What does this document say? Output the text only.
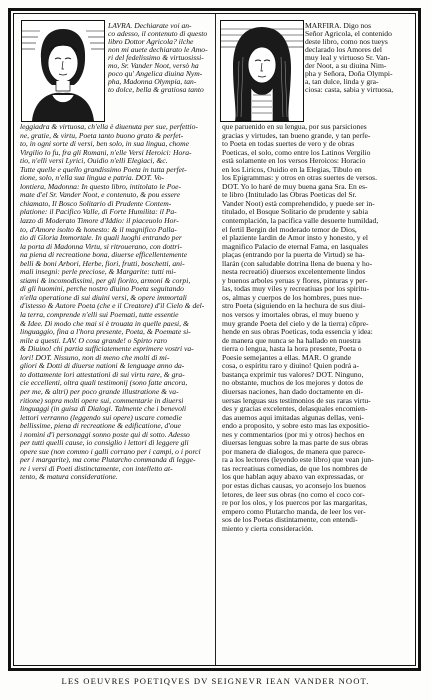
LAVRA. Dechiarate voi an-

co adesso, il contenuto di questo

libro Dottor Agricola? ilche

non mi auete dechiarato le Amo-

ri del fedelissimo & virtuosissi-

mo, Sr. Vander Noot, versò ha

poco qu' Angelica diuina Nym-

pha, Madonna Olympia, tan-

to dolce, bella & gratiosa tanto

MARFIRA. Digo nos

Señor Agricola, el contenido

deste libro, como nos tueys

declarado los Amores del

muy leal y virtuoso Sr. Van-

der Noot, a su diuina Nim-

pha y Señora, Doña Olympi-

a, tan dulce, linda y gra-

ciosa: casta, sabia y virtuosa,

leggiadra & virtuosa, ch'ella è diuenuta per sue, perfettio-

ne, gratie, & virtu, Poeta tanto buono grato & perfet-

to, in ogni sorte di versi, ben solo, in sua lingua, chome

Virgilio lo fu, fra gli Romani, n'elle Versi Heroici: Hora-

tio, n'elli versi Lyrici, Ouidio n'elli Elegiaci, &c.

Tutte quelle e quello grandissimo Poeta in tutta perfet-

tione, solo, n'ella sua lingua e patria. DOT. Vo-

lontiera, Madonna: In questo libro, intitolato le Poe-

mate d'el Sr. Vander Noot, e contenuto, & pou essere

chiamato, Il Bosco Solitario di Prudente Contem-

platione: il Pacifico Valle, di Forte Humilita: il Pa-

lazzo di Moderato Timore d'Iddio: il piaceuolo Hor-

to, d'Amore isolto & honesto: & il magnifico Palla-

tio di Gloria Immortale. In quali luoghi entrando per

la porta di Madonna Virtu, si ritrouerano, con dottri-

na piena di recreatione bona, diuerse efficellentemente

belli & boni Arbori, Herbe, fiori, frutti, boschetti, ani-

mali insegni: perle preciose, & Margarite: tutti mi-

stiami & incomodissimi, per gli fiorito, armoni & corpi,

di gli huomini, perche nostro diuino Poeta seguitando

n'ella operatione di sui diuini versi, & opere immortali

d'istesso & Autore Poeta (che e il Creatore) d'il Cielo & del-

la terra, comprende n'elli sui Poemati, tutte essentie

& Idee. Di modo che mai si è trouata in quelle paesi, &

linguaggio, fina a l'hora presente, Poeta, & Poemate si-

mile a questi. LAV. O cosa grande! o Spirto raro

& Diuino! chi partia sufficiatemente esprimere vostri va-

lori! DOT. Nissuno, non di meno che molti di mi-

gliori & Dotti di diuerse nationi & lenguage anno da-

to dottamente lori attestationi di sui virtu rare, & gra-

cie eccellenti, oltra quali testimonij (sono fatte ancora,

per me, & altri) per poco grande illustratione & va-

ritione) sopra molti opere sui, commentarie in diuersi

linguaggi (in guisa di Dialogi. Talmente che i benevoli

lettori verranno (leggendo sui opere) uscare comedie

bellissime, piena di recreatione & edificatione, d'oue

i nomini d'i personaggi sonno poste qui di sotto. Adesso

per tutti quelli cause, io consiglio i lettori di leggere gli

opere sue (non commo i galli corrano per i campi, o i porci

per i margarite), ma come Plutarcho commanda di legge-

re i versi di Poeti distinctamente, con intelletto at-

tento, & matura consideratione.

que paruenido en su lengua, por sus parsiciones

gracias y virtudes, tan bueno grande, y tan perfe-

to Poeta en todas suertes de vero y de obras

Poeticas, el solo, como entre los Latinos Vergilio

està solamente en los versos Heroicos: Horacio

en los Liricos, Ouidio en la Elegias, Tibulo en

los Epigrammas: y otros en otras suertes de versos.

DOT. Yo lo haré de muy buena gana Sra. En es-

te libro (Intitulado las Obras Poeticas del Sr.

Vander Noot) està comprehendido, y puede ser in-

titulado, el Bosque Solitario de prudente y sabia

contemplación, la pacifica valle desuerte humildad,

el fertil Bergin del moderado temor de Dios,

el plaziente Iardin de Amor insto y honesto, y el

magnifico Palacio de eternal Fama, en lasquales

plaças (entrando por la puerta de Virtud) se ha-

llarán (con saludable dotrina llena de buena y ho-

nesta recreatió) diuersos excelentemente lindos

y buenos arboles yeruas y flores, pinturas y per-

las, todas muy viles y recreatiuas por los spiritu-

os, almas y cuerpos de los hombres, pues nue-

stro Poeta (siguiendo en la hechura de sus diui-

nos versos y imortales obras, el muy bueno y

muy grande Poeta del cielo y de la tierra) cōpre-

hende en sus obras Poeticas, toda essencia y idea:

de manera que nunca se ha hallado en nuestra

tierra o lengua, hasta la hora presente, Poeta o

Poesie semejantes a ellas. MAR. O grande

cosa, o espíritu raro y diuino! Quien podrá a-

bastança exprimir tus valores? DOT. Ninguno,

no obstante, muchos de los mejores y dotos de

diuersas naciones, han dado doctamente en di-

uersas lenguas sus testimonios de sus raras virtu-

des y gracias excelentes, delasquales encomien-

das auemos aqui imitadas algunas dellas, veni-

endo a proposito, y sobre esto mas las expositio-

nes y commentarios (por mi y otros) hechos en

diuersas lenguas sobre la mas parte de sus obras

por manera de dialogos, de manera que parece-

ra a los lectores (leyendo este libro) que vean jun-

tas recreatiuas comedias, de que los nombres de

los que hablan aquy abaxo van expressadas, or

por estas dichas causas, yo aconsejo los buenos

letores, de leer sus obras (no como el coco cor-

re por los olos, y los puercos por las margaritas,

empero como Plutarcho manda, de leer los ver-

sos de los Poetas distintamente, con entendi-

miento y cierta consideración.

LES OEUVRES POETIQVES DV SEIGNEVR IEAN VANDER NOOT.
